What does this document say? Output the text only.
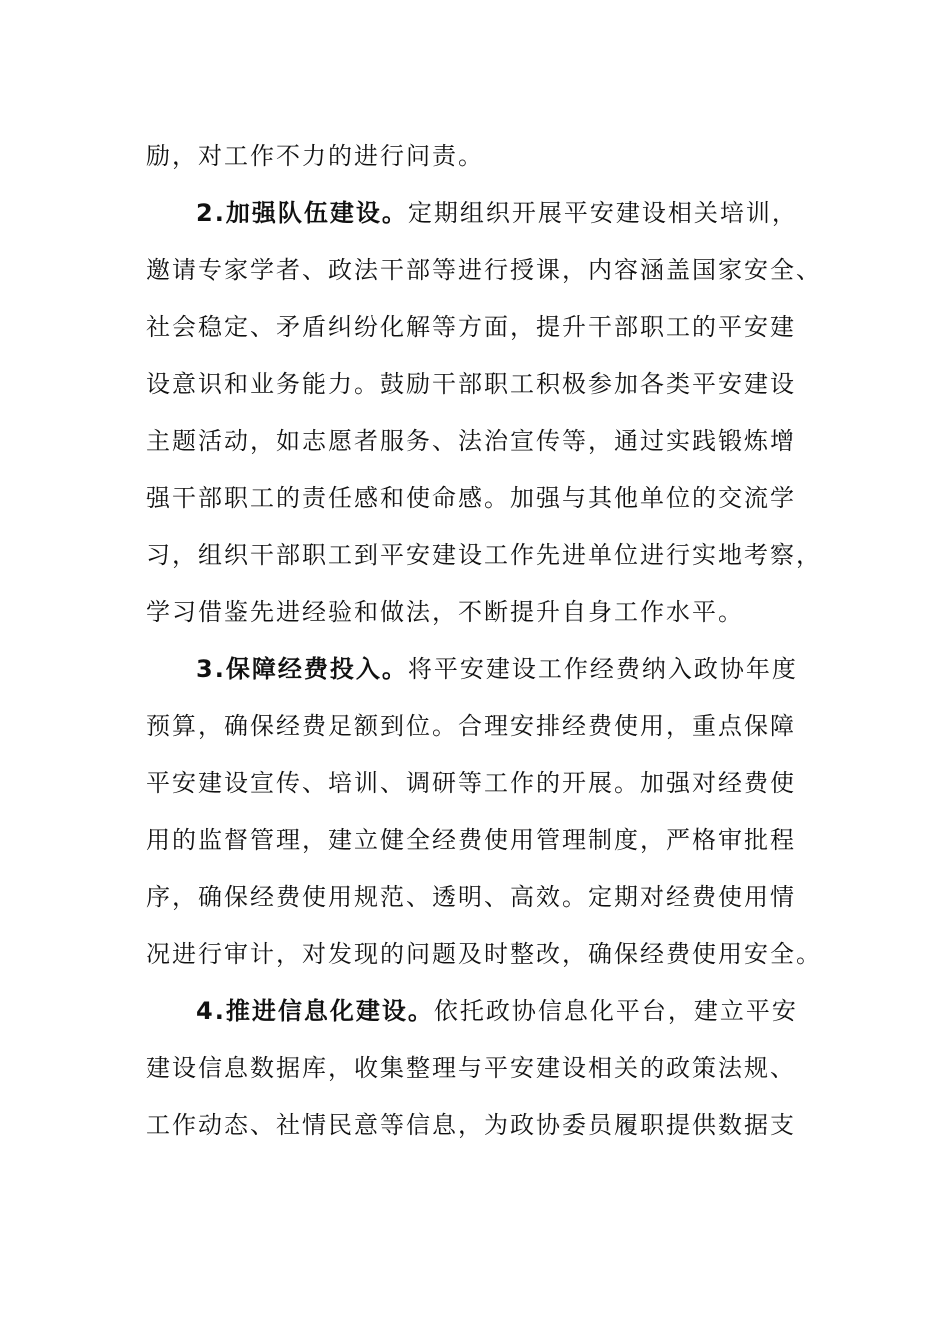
励，对工作不力的进行问责。
2.加强队伍建设。定期组织开展平安建设相关培训，
邀请专家学者、政法干部等进行授课，内容涵盖国家安全、
社会稳定、矛盾纠纷化解等方面，提升干部职工的平安建
设意识和业务能力。鼓励干部职工积极参加各类平安建设
主题活动，如志愿者服务、法治宣传等，通过实践锻炼增
强干部职工的责任感和使命感。加强与其他单位的交流学
习，组织干部职工到平安建设工作先进单位进行实地考察，
学习借鉴先进经验和做法，不断提升自身工作水平。
3.保障经费投入。将平安建设工作经费纳入政协年度
预算，确保经费足额到位。合理安排经费使用，重点保障
平安建设宣传、培训、调研等工作的开展。加强对经费使
用的监督管理，建立健全经费使用管理制度，严格审批程
序，确保经费使用规范、透明、高效。定期对经费使用情
况进行审计，对发现的问题及时整改，确保经费使用安全。
4.推进信息化建设。依托政协信息化平台，建立平安
建设信息数据库，收集整理与平安建设相关的政策法规、
工作动态、社情民意等信息，为政协委员履职提供数据支
